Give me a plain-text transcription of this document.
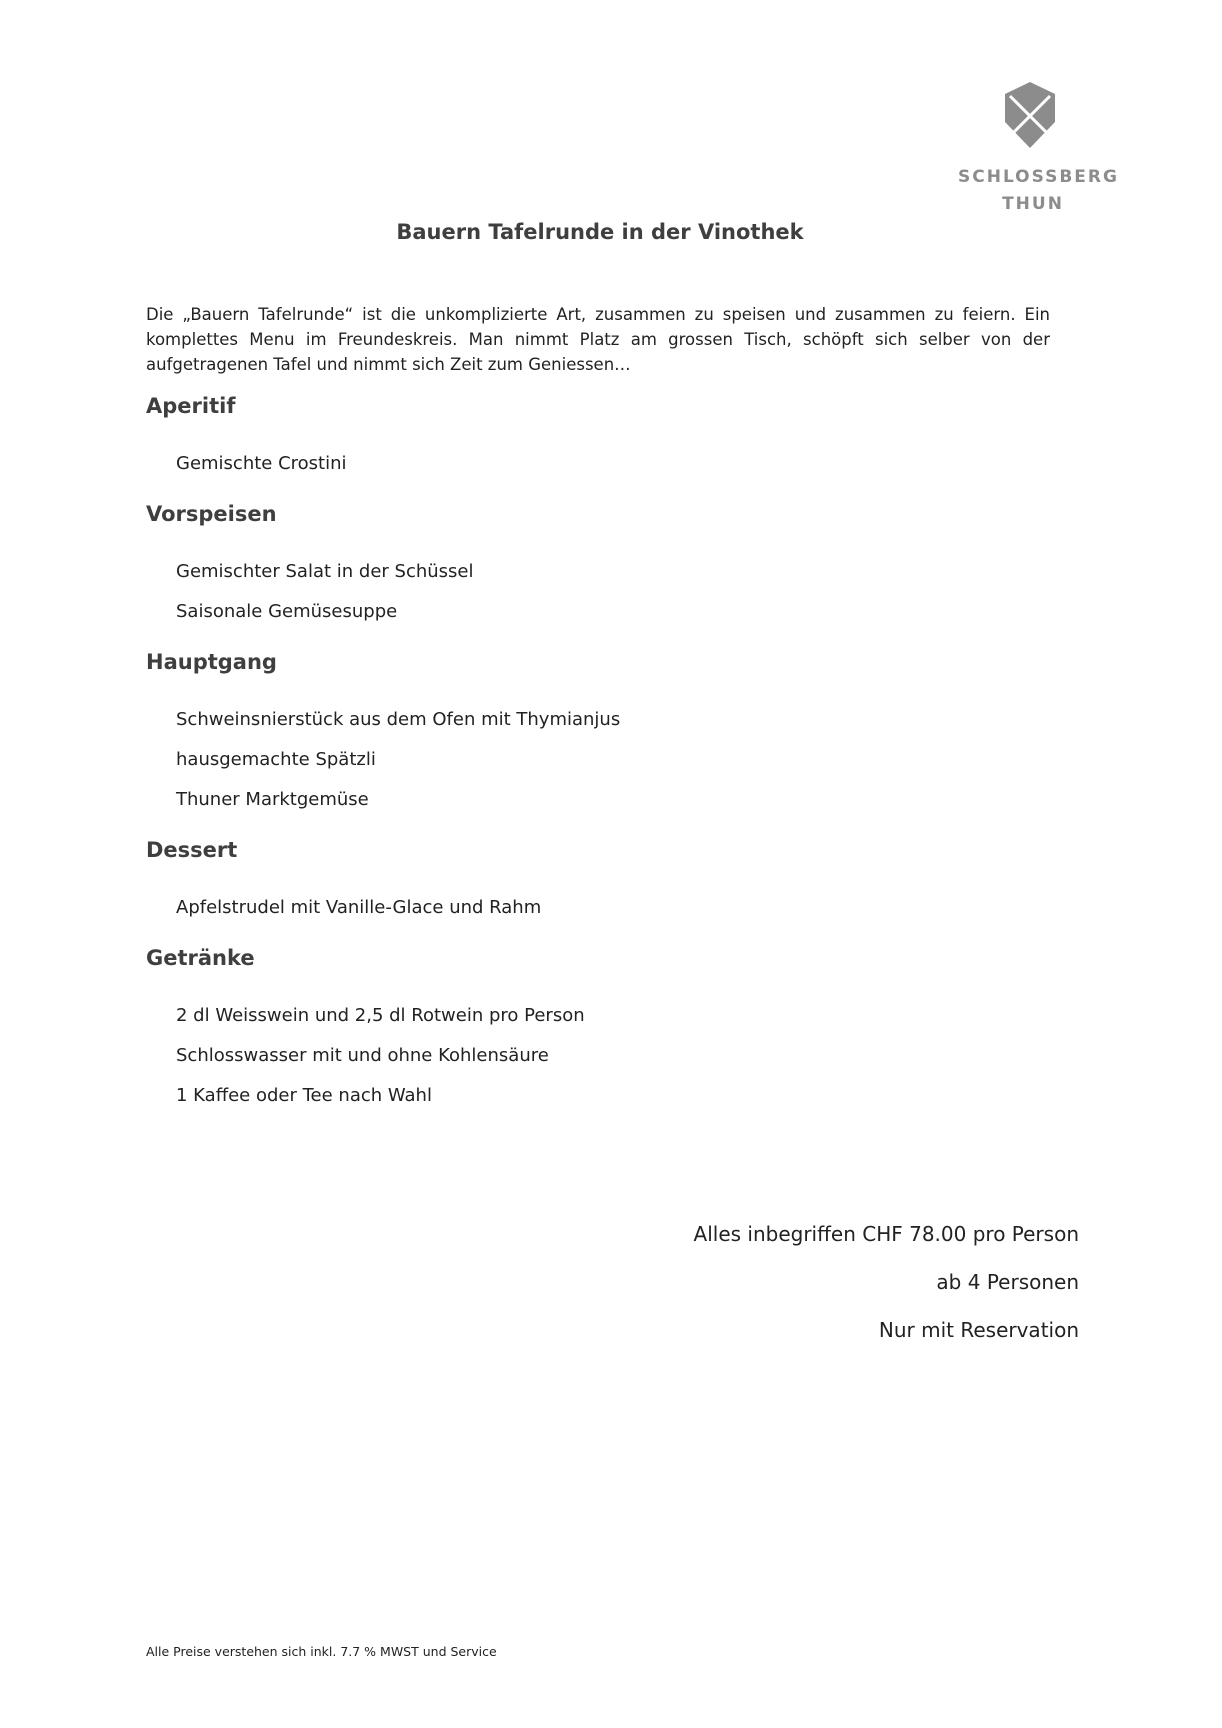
SCHLOSSBERG
THUN
Bauern Tafelrunde in der Vinothek
Die „Bauern Tafelrunde“ ist die unkomplizierte Art, zusammen zu speisen und zusammen zu feiern. Ein komplettes Menu im Freundeskreis. Man nimmt Platz am grossen Tisch, schöpft sich selber von der aufgetragenen Tafel und nimmt sich Zeit zum Geniessen…
Aperitif
Gemischte Crostini
Vorspeisen
Gemischter Salat in der Schüssel
Saisonale Gemüsesuppe
Hauptgang
Schweinsnierstück aus dem Ofen mit Thymianjus
hausgemachte Spätzli
Thuner Marktgemüse
Dessert
Apfelstrudel mit Vanille-Glace und Rahm
Getränke
2 dl Weisswein und 2,5 dl Rotwein pro Person
Schlosswasser mit und ohne Kohlensäure
1 Kaffee oder Tee nach Wahl
Alles inbegriffen CHF 78.00 pro Person
ab 4 Personen
Nur mit Reservation
Alle Preise verstehen sich inkl. 7.7 % MWST und Service
